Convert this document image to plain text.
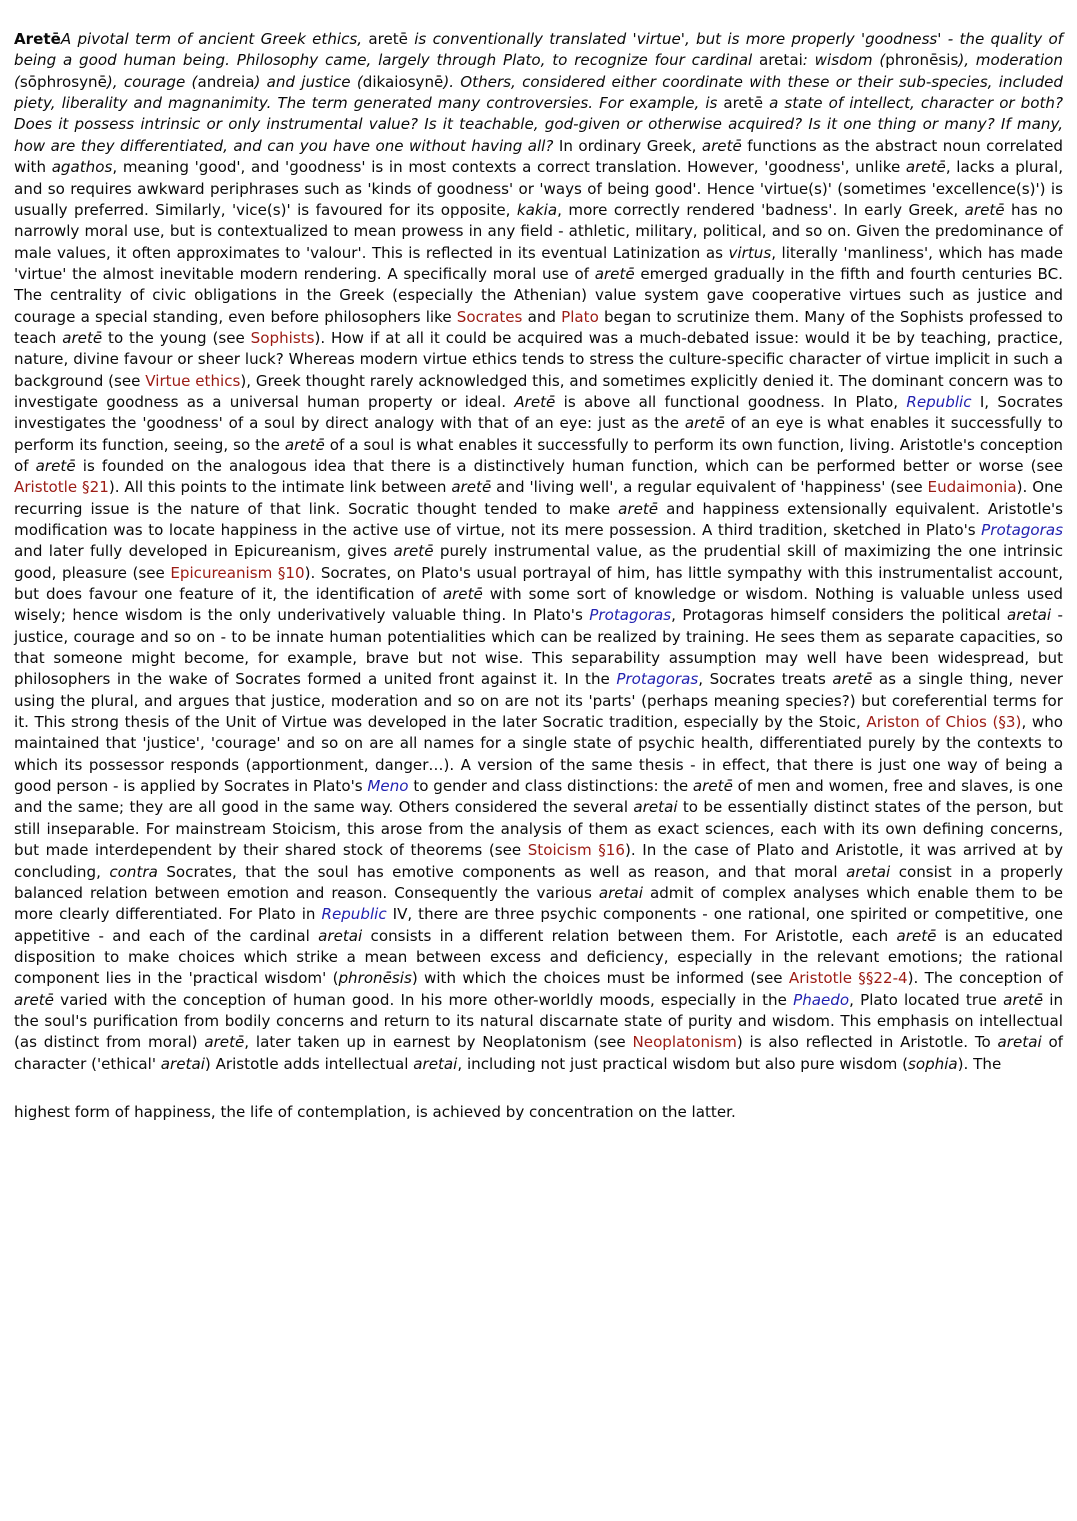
AretēA pivotal term of ancient Greek ethics, aretē is conventionally translated 'virtue', but is more properly 'goodness' - the quality of being a good human being. Philosophy came, largely through Plato, to recognize four cardinal aretai: wisdom (phronēsis), moderation (sōphrosynē), courage (andreia) and justice (dikaiosynē). Others, considered either coordinate with these or their sub-species, included piety, liberality and magnanimity. The term generated many controversies. For example, is aretē a state of intellect, character or both? Does it possess intrinsic or only instrumental value? Is it teachable, god-given or otherwise acquired? Is it one thing or many? If many, how are they differentiated, and can you have one without having all? In ordinary Greek, aretē functions as the abstract noun correlated with agathos, meaning 'good', and 'goodness' is in most contexts a correct translation. However, 'goodness', unlike aretē, lacks a plural, and so requires awkward periphrases such as 'kinds of goodness' or 'ways of being good'. Hence 'virtue(s)' (sometimes 'excellence(s)') is usually preferred. Similarly, 'vice(s)' is favoured for its opposite, kakia, more correctly rendered 'badness'. In early Greek, aretē has no narrowly moral use, but is contextualized to mean prowess in any field - athletic, military, political, and so on. Given the predominance of male values, it often approximates to 'valour'. This is reflected in its eventual Latinization as virtus, literally 'manliness', which has made 'virtue' the almost inevitable modern rendering. A specifically moral use of aretē emerged gradually in the fifth and fourth centuries BC. The centrality of civic obligations in the Greek (especially the Athenian) value system gave cooperative virtues such as justice and courage a special standing, even before philosophers like Socrates and Plato began to scrutinize them. Many of the Sophists professed to teach aretē to the young (see Sophists). How if at all it could be acquired was a much-debated issue: would it be by teaching, practice, nature, divine favour or sheer luck? Whereas modern virtue ethics tends to stress the culture-specific character of virtue implicit in such a background (see Virtue ethics), Greek thought rarely acknowledged this, and sometimes explicitly denied it. The dominant concern was to investigate goodness as a universal human property or ideal. Aretē is above all functional goodness. In Plato, Republic I, Socrates investigates the 'goodness' of a soul by direct analogy with that of an eye: just as the aretē of an eye is what enables it successfully to perform its function, seeing, so the aretē of a soul is what enables it successfully to perform its own function, living. Aristotle's conception of aretē is founded on the analogous idea that there is a distinctively human function, which can be performed better or worse (see Aristotle §21). All this points to the intimate link between aretē and 'living well', a regular equivalent of 'happiness' (see Eudaimonia). One recurring issue is the nature of that link. Socratic thought tended to make aretē and happiness extensionally equivalent. Aristotle's modification was to locate happiness in the active use of virtue, not its mere possession. A third tradition, sketched in Plato's Protagoras and later fully developed in Epicureanism, gives aretē purely instrumental value, as the prudential skill of maximizing the one intrinsic good, pleasure (see Epicureanism §10). Socrates, on Plato's usual portrayal of him, has little sympathy with this instrumentalist account, but does favour one feature of it, the identification of aretē with some sort of knowledge or wisdom. Nothing is valuable unless used wisely; hence wisdom is the only underivatively valuable thing. In Plato's Protagoras, Protagoras himself considers the political aretai - justice, courage and so on - to be innate human potentialities which can be realized by training. He sees them as separate capacities, so that someone might become, for example, brave but not wise. This separability assumption may well have been widespread, but philosophers in the wake of Socrates formed a united front against it. In the Protagoras, Socrates treats aretē as a single thing, never using the plural, and argues that justice, moderation and so on are not its 'parts' (perhaps meaning species?) but coreferential terms for it. This strong thesis of the Unit of Virtue was developed in the later Socratic tradition, especially by the Stoic, Ariston of Chios (§3), who maintained that 'justice', 'courage' and so on are all names for a single state of psychic health, differentiated purely by the contexts to which its possessor responds (apportionment, danger…). A version of the same thesis - in effect, that there is just one way of being a good person - is applied by Socrates in Plato's Meno to gender and class distinctions: the aretē of men and women, free and slaves, is one and the same; they are all good in the same way. Others considered the several aretai to be essentially distinct states of the person, but still inseparable. For mainstream Stoicism, this arose from the analysis of them as exact sciences, each with its own defining concerns, but made interdependent by their shared stock of theorems (see Stoicism §16). In the case of Plato and Aristotle, it was arrived at by concluding, contra Socrates, that the soul has emotive components as well as reason, and that moral aretai consist in a properly balanced relation between emotion and reason. Consequently the various aretai admit of complex analyses which enable them to be more clearly differentiated. For Plato in Republic IV, there are three psychic components - one rational, one spirited or competitive, one appetitive - and each of the cardinal aretai consists in a different relation between them. For Aristotle, each aretē is an educated disposition to make choices which strike a mean between excess and deficiency, especially in the relevant emotions; the rational component lies in the 'practical wisdom' (phronēsis) with which the choices must be informed (see Aristotle §§22-4). The conception of aretē varied with the conception of human good. In his more other-worldly moods, especially in the Phaedo, Plato located true aretē in the soul's purification from bodily concerns and return to its natural discarnate state of purity and wisdom. This emphasis on intellectual (as distinct from moral) aretē, later taken up in earnest by Neoplatonism (see Neoplatonism) is also reflected in Aristotle. To aretai of character ('ethical' aretai) Aristotle adds intellectual aretai, including not just practical wisdom but also pure wisdom (sophia). The

highest form of happiness, the life of contemplation, is achieved by concentration on the latter.
